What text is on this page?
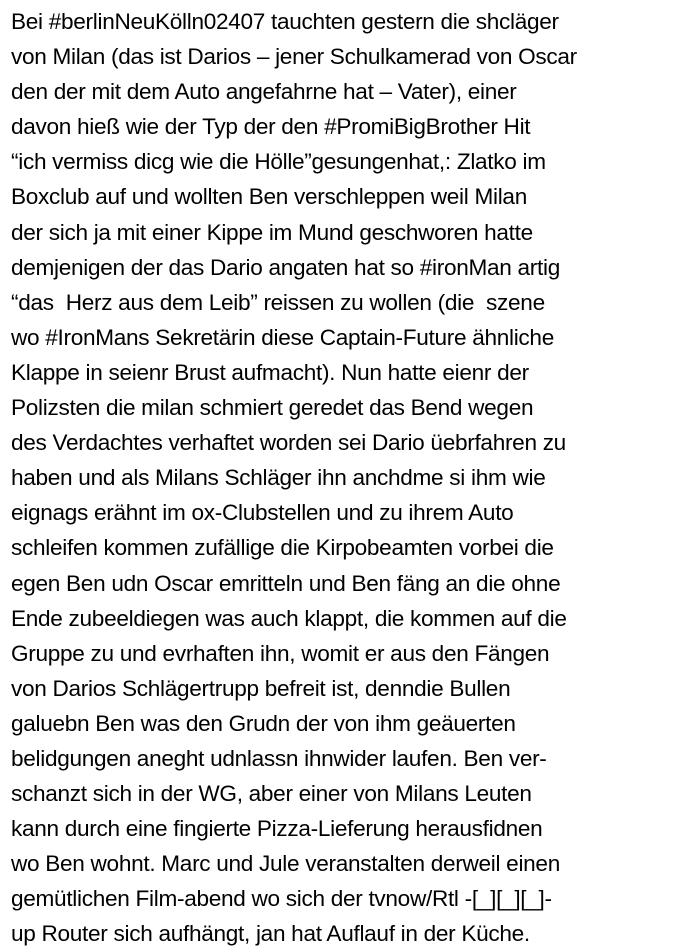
Bei #berlinNeuKölln02407 tauchten gestern die shcläger
von Milan (das ist Darios – jener Schulkamerad von Oscar
den der mit dem Auto angefahrne hat – Vater), einer
davon hieß wie der Typ der den #PromiBigBrother Hit
“ich vermiss dicg wie die Hölle”gesungenhat,: Zlatko im
Boxclub auf und wollten Ben verschleppen weil Milan
der sich ja mit einer Kippe im Mund geschworen hatte
demjenigen der das Dario angaten hat so #ironMan artig
“das  Herz aus dem Leib” reissen zu wollen (die  szene
wo #IronMans Sekretärin diese Captain-Future ähnliche
Klappe in seienr Brust aufmacht). Nun hatte eienr der
Polizsten die milan schmiert geredet das Bend wegen
des Verdachtes verhaftet worden sei Dario üebrfahren zu
haben und als Milans Schläger ihn anchdme si ihm wie
eignags erähnt im ox-Clubstellen und zu ihrem Auto
schleifen kommen zufällige die Kirpobeamten vorbei die
egen Ben udn Oscar emritteln und Ben fäng an die ohne
Ende zubeeldiegen was auch klappt, die kommen auf die
Gruppe zu und evrhaften ihn, womit er aus den Fängen
von Darios Schlägertrupp befreit ist, denndie Bullen
galuebn Ben was den Grudn der von ihm geäuerten
belidgungen aneght udnlassn ihnwider laufen. Ben ver-
schanzt sich in der WG, aber einer von Milans Leuten
kann durch eine fingierte Pizza-Lieferung herausfidnen
wo Ben wohnt. Marc und Jule veranstalten derweil einen
gemütlichen Film-abend wo sich der tvnow/Rtl -[_][_][_]-
up Router sich aufhängt, jan hat Auflauf in der Küche.
